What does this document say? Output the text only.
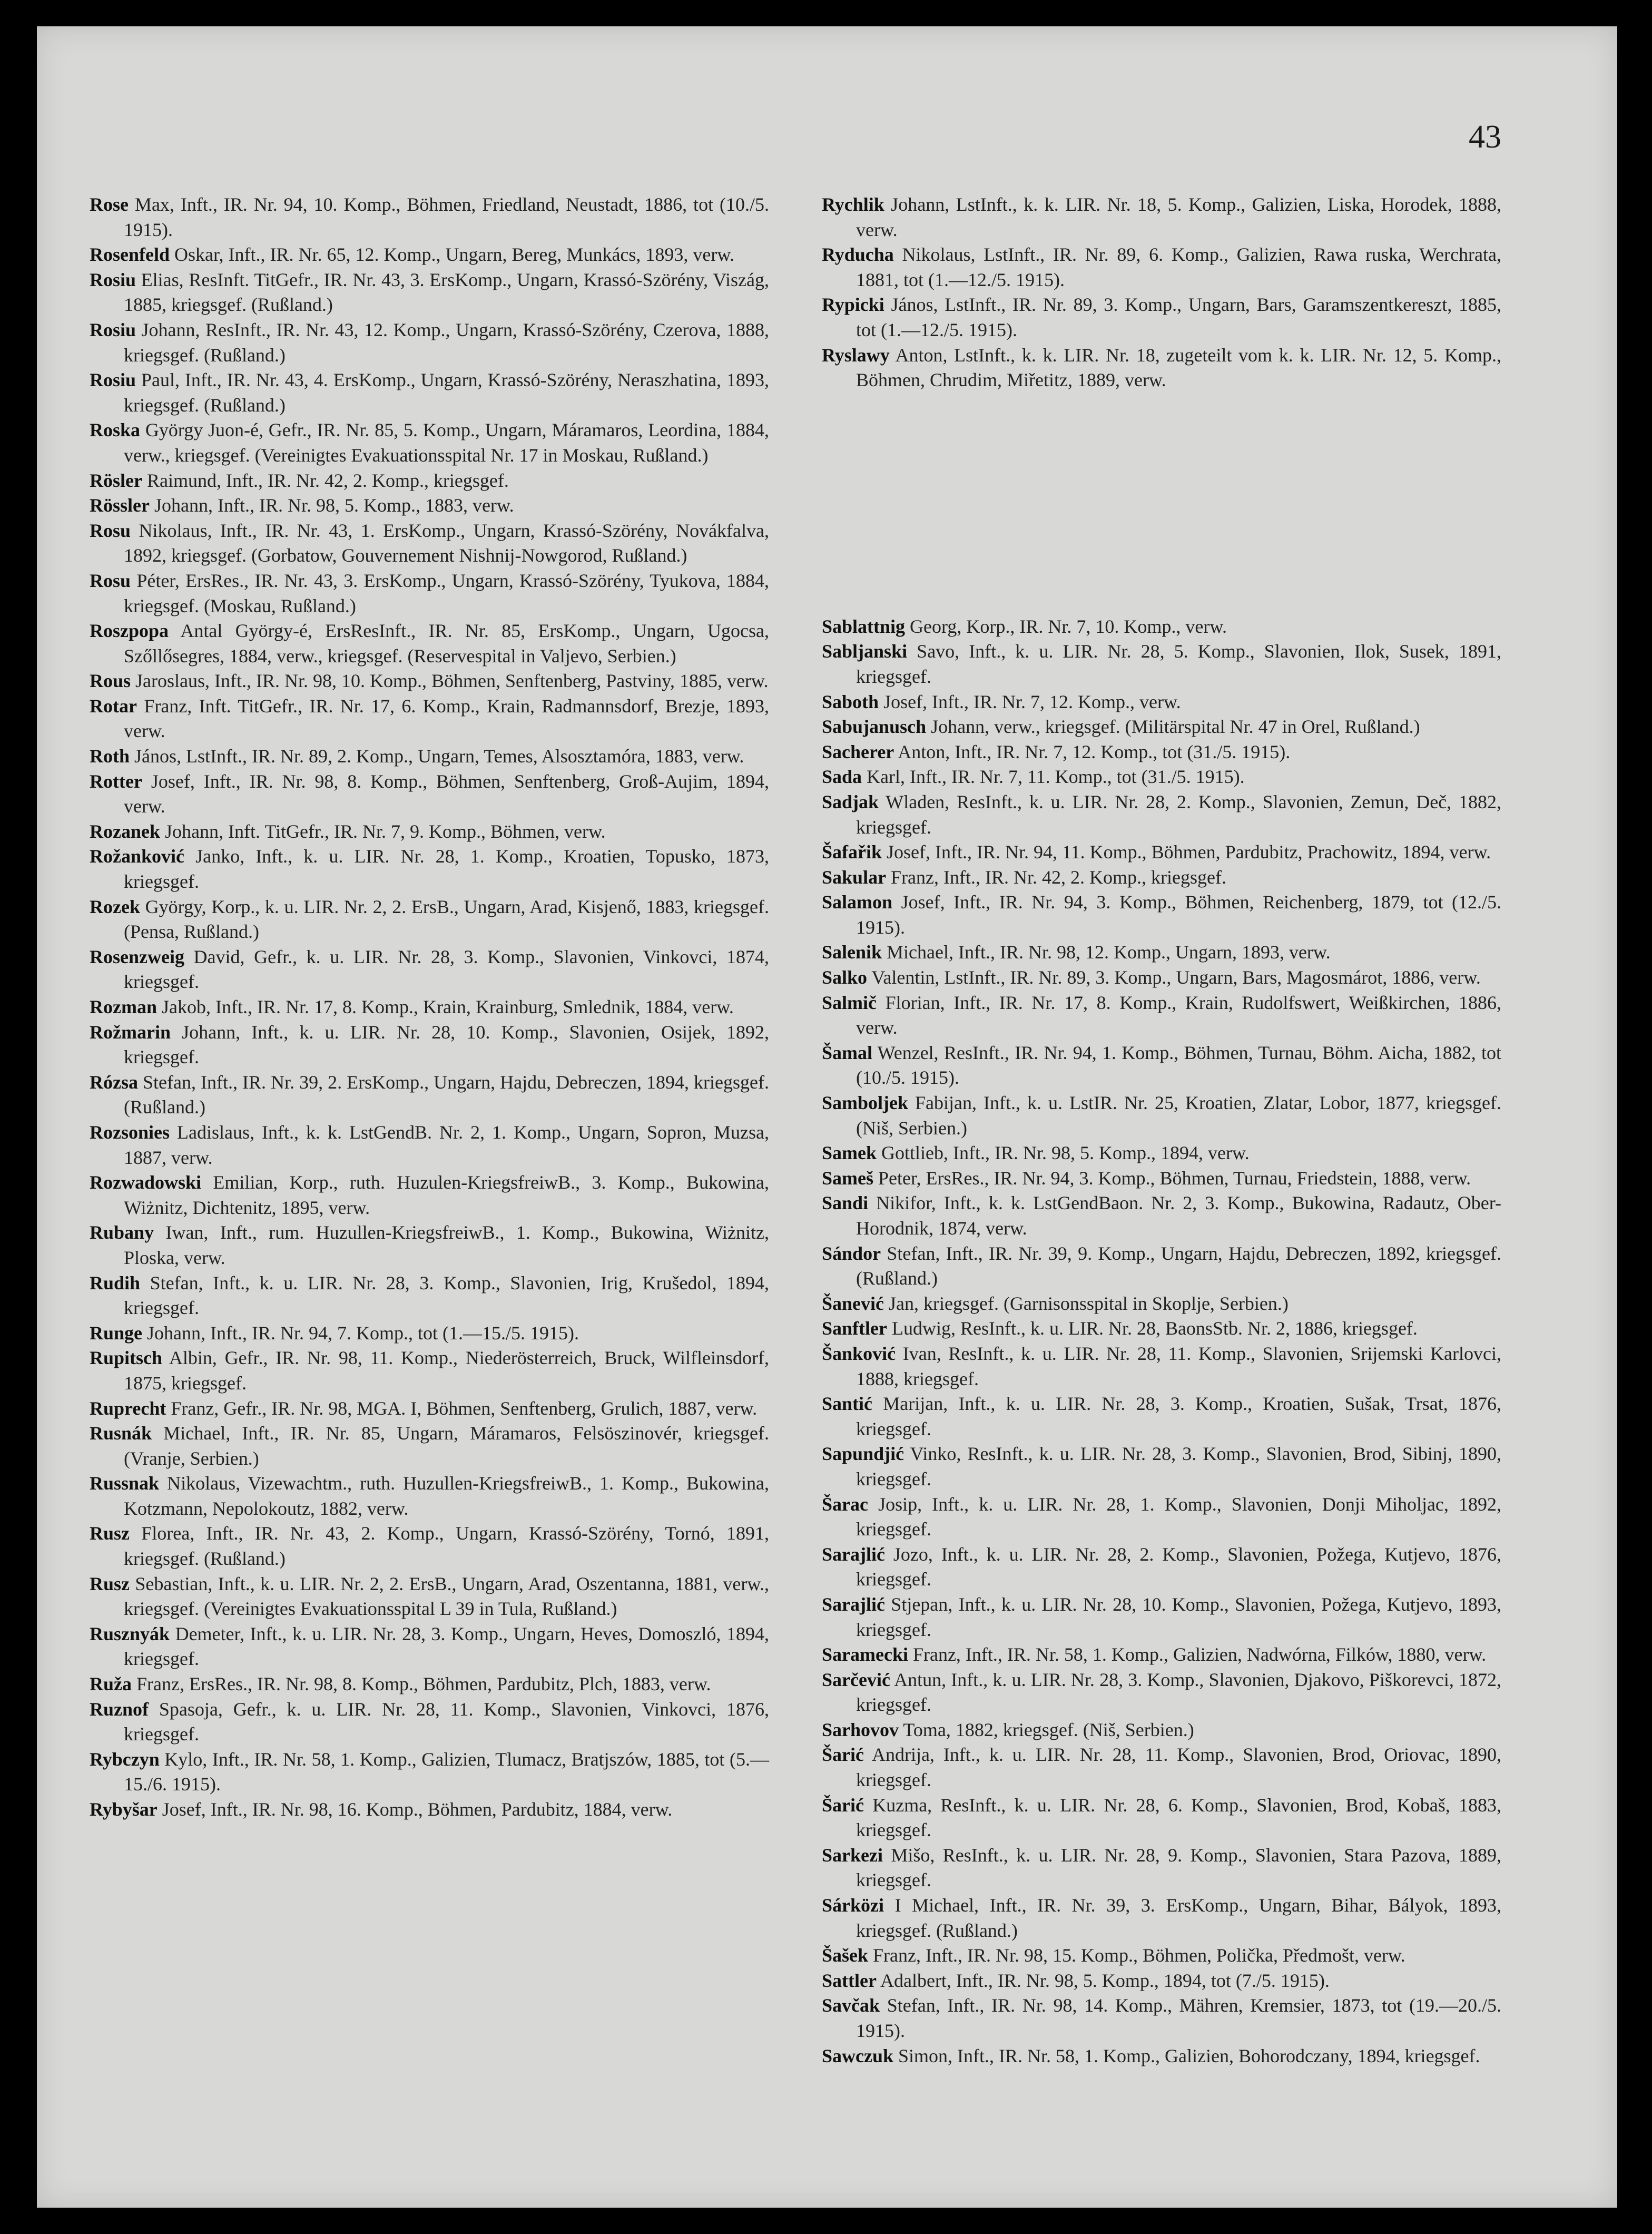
43
Rose Max, Inft., IR. Nr. 94, 10. Komp., Böhmen, Friedland, Neustadt, 1886, tot (10./5. 1915).
Rosenfeld Oskar, Inft., IR. Nr. 65, 12. Komp., Ungarn, Bereg, Munkács, 1893, verw.
Rosiu Elias, ResInft. TitGefr., IR. Nr. 43, 3. ErsKomp., Ungarn, Krassó-Szörény, Viszág, 1885, kriegsgef. (Rußland.)
Rosiu Johann, ResInft., IR. Nr. 43, 12. Komp., Ungarn, Krassó-Szörény, Czerova, 1888, kriegsgef. (Rußland.)
Rosiu Paul, Inft., IR. Nr. 43, 4. ErsKomp., Ungarn, Krassó-Szörény, Neraszhatina, 1893, kriegsgef. (Rußland.)
Roska György Juon-é, Gefr., IR. Nr. 85, 5. Komp., Ungarn, Máramaros, Leordina, 1884, verw., kriegsgef. (Vereinigtes Evakuationsspital Nr. 17 in Moskau, Rußland.)
Rösler Raimund, Inft., IR. Nr. 42, 2. Komp., kriegsgef.
Rössler Johann, Inft., IR. Nr. 98, 5. Komp., 1883, verw.
Rosu Nikolaus, Inft., IR. Nr. 43, 1. ErsKomp., Ungarn, Krassó-Szörény, Novákfalva, 1892, kriegsgef. (Gorbatow, Gouvernement Nishnij-Nowgorod, Rußland.)
Rosu Péter, ErsRes., IR. Nr. 43, 3. ErsKomp., Ungarn, Krassó-Szörény, Tyukova, 1884, kriegsgef. (Moskau, Rußland.)
Roszpopa Antal György-é, ErsResInft., IR. Nr. 85, ErsKomp., Ungarn, Ugocsa, Szőllősegres, 1884, verw., kriegsgef. (Reservespital in Valjevo, Serbien.)
Rous Jaroslaus, Inft., IR. Nr. 98, 10. Komp., Böhmen, Senftenberg, Pastviny, 1885, verw.
Rotar Franz, Inft. TitGefr., IR. Nr. 17, 6. Komp., Krain, Radmannsdorf, Brezje, 1893, verw.
Roth János, LstInft., IR. Nr. 89, 2. Komp., Ungarn, Temes, Alsosztamóra, 1883, verw.
Rotter Josef, Inft., IR. Nr. 98, 8. Komp., Böhmen, Senftenberg, Groß-Aujim, 1894, verw.
Rozanek Johann, Inft. TitGefr., IR. Nr. 7, 9. Komp., Böhmen, verw.
Rožanković Janko, Inft., k. u. LIR. Nr. 28, 1. Komp., Kroatien, Topusko, 1873, kriegsgef.
Rozek György, Korp., k. u. LIR. Nr. 2, 2. ErsB., Ungarn, Arad, Kisjenő, 1883, kriegsgef. (Pensa, Rußland.)
Rosenzweig David, Gefr., k. u. LIR. Nr. 28, 3. Komp., Slavonien, Vinkovci, 1874, kriegsgef.
Rozman Jakob, Inft., IR. Nr. 17, 8. Komp., Krain, Krainburg, Smlednik, 1884, verw.
Rožmarin Johann, Inft., k. u. LIR. Nr. 28, 10. Komp., Slavonien, Osijek, 1892, kriegsgef.
Rózsa Stefan, Inft., IR. Nr. 39, 2. ErsKomp., Ungarn, Hajdu, Debreczen, 1894, kriegsgef. (Rußland.)
Rozsonies Ladislaus, Inft., k. k. LstGendB. Nr. 2, 1. Komp., Ungarn, Sopron, Muzsa, 1887, verw.
Rozwadowski Emilian, Korp., ruth. Huzulen-KriegsfreiwB., 3. Komp., Bukowina, Wiżnitz, Dichtenitz, 1895, verw.
Rubany Iwan, Inft., rum. Huzullen-KriegsfreiwB., 1. Komp., Bukowina, Wiżnitz, Ploska, verw.
Rudih Stefan, Inft., k. u. LIR. Nr. 28, 3. Komp., Slavonien, Irig, Krušedol, 1894, kriegsgef.
Runge Johann, Inft., IR. Nr. 94, 7. Komp., tot (1.—15./5. 1915).
Rupitsch Albin, Gefr., IR. Nr. 98, 11. Komp., Niederösterreich, Bruck, Wilfleinsdorf, 1875, kriegsgef.
Ruprecht Franz, Gefr., IR. Nr. 98, MGA. I, Böhmen, Senftenberg, Grulich, 1887, verw.
Rusnák Michael, Inft., IR. Nr. 85, Ungarn, Máramaros, Felsöszinovér, kriegsgef. (Vranje, Serbien.)
Russnak Nikolaus, Vizewachtm., ruth. Huzullen-KriegsfreiwB., 1. Komp., Bukowina, Kotzmann, Nepolokoutz, 1882, verw.
Rusz Florea, Inft., IR. Nr. 43, 2. Komp., Ungarn, Krassó-Szörény, Tornó, 1891, kriegsgef. (Rußland.)
Rusz Sebastian, Inft., k. u. LIR. Nr. 2, 2. ErsB., Ungarn, Arad, Oszentanna, 1881, verw., kriegsgef. (Vereinigtes Evakuationsspital L 39 in Tula, Rußland.)
Rusznyák Demeter, Inft., k. u. LIR. Nr. 28, 3. Komp., Ungarn, Heves, Domoszló, 1894, kriegsgef.
Ruža Franz, ErsRes., IR. Nr. 98, 8. Komp., Böhmen, Pardubitz, Plch, 1883, verw.
Ruznof Spasoja, Gefr., k. u. LIR. Nr. 28, 11. Komp., Slavonien, Vinkovci, 1876, kriegsgef.
Rybczyn Kylo, Inft., IR. Nr. 58, 1. Komp., Galizien, Tlumacz, Bratjszów, 1885, tot (5.—15./6. 1915).
Rybyšar Josef, Inft., IR. Nr. 98, 16. Komp., Böhmen, Pardubitz, 1884, verw.
Rychlik Johann, LstInft., k. k. LIR. Nr. 18, 5. Komp., Galizien, Liska, Horodek, 1888, verw.
Ryducha Nikolaus, LstInft., IR. Nr. 89, 6. Komp., Galizien, Rawa ruska, Werchrata, 1881, tot (1.—12./5. 1915).
Rypicki János, LstInft., IR. Nr. 89, 3. Komp., Ungarn, Bars, Garamszentkereszt, 1885, tot (1.—12./5. 1915).
Ryslawy Anton, LstInft., k. k. LIR. Nr. 18, zugeteilt vom k. k. LIR. Nr. 12, 5. Komp., Böhmen, Chrudim, Miřetitz, 1889, verw.
Sablattnig Georg, Korp., IR. Nr. 7, 10. Komp., verw.
Sabljanski Savo, Inft., k. u. LIR. Nr. 28, 5. Komp., Slavonien, Ilok, Susek, 1891, kriegsgef.
Saboth Josef, Inft., IR. Nr. 7, 12. Komp., verw.
Sabujanusch Johann, verw., kriegsgef. (Militärspital Nr. 47 in Orel, Rußland.)
Sacherer Anton, Inft., IR. Nr. 7, 12. Komp., tot (31./5. 1915).
Sada Karl, Inft., IR. Nr. 7, 11. Komp., tot (31./5. 1915).
Sadjak Wladen, ResInft., k. u. LIR. Nr. 28, 2. Komp., Slavonien, Zemun, Deč, 1882, kriegsgef.
Šafařik Josef, Inft., IR. Nr. 94, 11. Komp., Böhmen, Pardubitz, Prachowitz, 1894, verw.
Sakular Franz, Inft., IR. Nr. 42, 2. Komp., kriegsgef.
Salamon Josef, Inft., IR. Nr. 94, 3. Komp., Böhmen, Reichenberg, 1879, tot (12./5. 1915).
Salenik Michael, Inft., IR. Nr. 98, 12. Komp., Ungarn, 1893, verw.
Salko Valentin, LstInft., IR. Nr. 89, 3. Komp., Ungarn, Bars, Magosmárot, 1886, verw.
Salmič Florian, Inft., IR. Nr. 17, 8. Komp., Krain, Rudolfswert, Weißkirchen, 1886, verw.
Šamal Wenzel, ResInft., IR. Nr. 94, 1. Komp., Böhmen, Turnau, Böhm. Aicha, 1882, tot (10./5. 1915).
Samboljek Fabijan, Inft., k. u. LstIR. Nr. 25, Kroatien, Zlatar, Lobor, 1877, kriegsgef. (Niš, Serbien.)
Samek Gottlieb, Inft., IR. Nr. 98, 5. Komp., 1894, verw.
Sameš Peter, ErsRes., IR. Nr. 94, 3. Komp., Böhmen, Turnau, Friedstein, 1888, verw.
Sandi Nikifor, Inft., k. k. LstGendBaon. Nr. 2, 3. Komp., Bukowina, Radautz, Ober-Horodnik, 1874, verw.
Sándor Stefan, Inft., IR. Nr. 39, 9. Komp., Ungarn, Hajdu, Debreczen, 1892, kriegsgef. (Rußland.)
Šanević Jan, kriegsgef. (Garnisonsspital in Skoplje, Serbien.)
Sanftler Ludwig, ResInft., k. u. LIR. Nr. 28, BaonsStb. Nr. 2, 1886, kriegsgef.
Šanković Ivan, ResInft., k. u. LIR. Nr. 28, 11. Komp., Slavonien, Srijemski Karlovci, 1888, kriegsgef.
Santić Marijan, Inft., k. u. LIR. Nr. 28, 3. Komp., Kroatien, Sušak, Trsat, 1876, kriegsgef.
Sapundjić Vinko, ResInft., k. u. LIR. Nr. 28, 3. Komp., Slavonien, Brod, Sibinj, 1890, kriegsgef.
Šarac Josip, Inft., k. u. LIR. Nr. 28, 1. Komp., Slavonien, Donji Miholjac, 1892, kriegsgef.
Sarajlić Jozo, Inft., k. u. LIR. Nr. 28, 2. Komp., Slavonien, Požega, Kutjevo, 1876, kriegsgef.
Sarajlić Stjepan, Inft., k. u. LIR. Nr. 28, 10. Komp., Slavonien, Požega, Kutjevo, 1893, kriegsgef.
Saramecki Franz, Inft., IR. Nr. 58, 1. Komp., Galizien, Nadwórna, Filków, 1880, verw.
Sarčević Antun, Inft., k. u. LIR. Nr. 28, 3. Komp., Slavonien, Djakovo, Piškorevci, 1872, kriegsgef.
Sarhovov Toma, 1882, kriegsgef. (Niš, Serbien.)
Šarić Andrija, Inft., k. u. LIR. Nr. 28, 11. Komp., Slavonien, Brod, Oriovac, 1890, kriegsgef.
Šarić Kuzma, ResInft., k. u. LIR. Nr. 28, 6. Komp., Slavonien, Brod, Kobaš, 1883, kriegsgef.
Sarkezi Mišo, ResInft., k. u. LIR. Nr. 28, 9. Komp., Slavonien, Stara Pazova, 1889, kriegsgef.
Sárközi I Michael, Inft., IR. Nr. 39, 3. ErsKomp., Ungarn, Bihar, Bályok, 1893, kriegsgef. (Rußland.)
Šašek Franz, Inft., IR. Nr. 98, 15. Komp., Böhmen, Polička, Předmošt, verw.
Sattler Adalbert, Inft., IR. Nr. 98, 5. Komp., 1894, tot (7./5. 1915).
Savčak Stefan, Inft., IR. Nr. 98, 14. Komp., Mähren, Kremsier, 1873, tot (19.—20./5. 1915).
Sawczuk Simon, Inft., IR. Nr. 58, 1. Komp., Galizien, Bohorodczany, 1894, kriegsgef.
